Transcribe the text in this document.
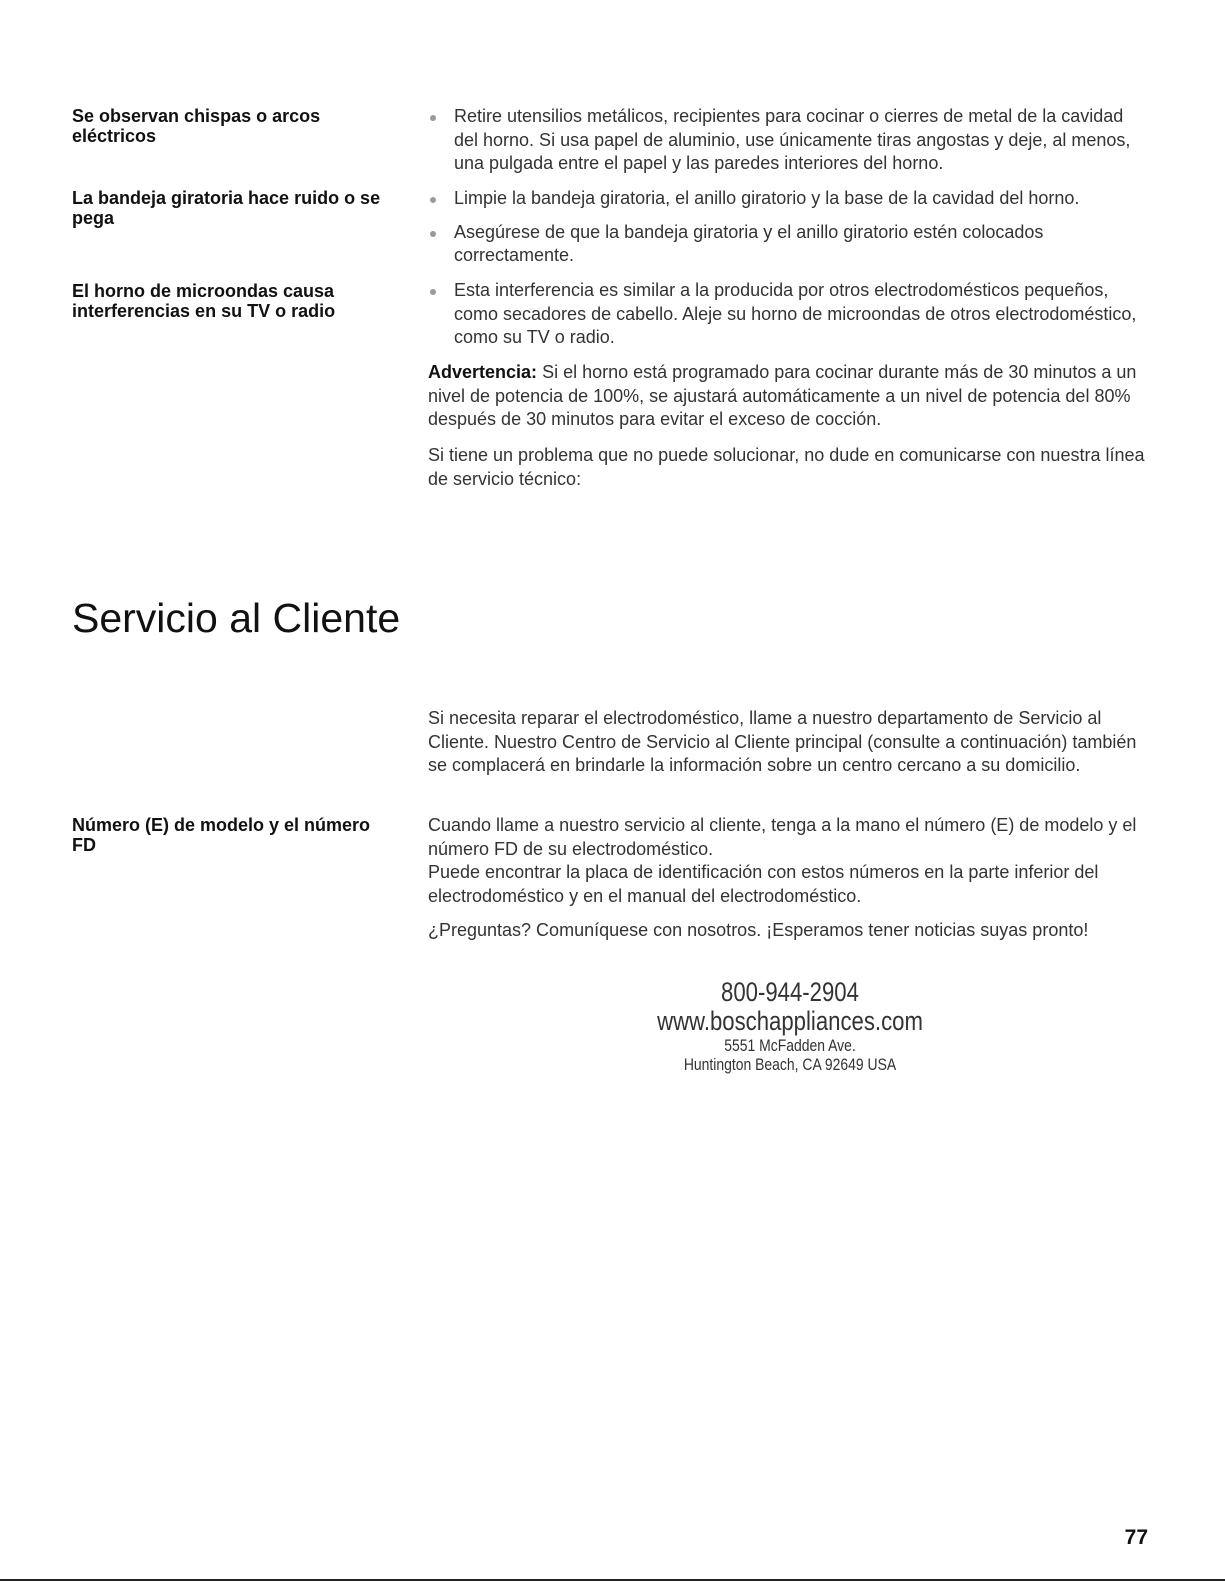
Se observan chispas o arcos eléctricos
Retire utensilios metálicos, recipientes para cocinar o cierres de metal de la cavidad del horno. Si usa papel de aluminio, use únicamente tiras angostas y deje, al menos, una pulgada entre el papel y las paredes interiores del horno.
La bandeja giratoria hace ruido o se pega
Limpie la bandeja giratoria, el anillo giratorio y la base de la cavidad del horno.
Asegúrese de que la bandeja giratoria y el anillo giratorio estén colocados correctamente.
El horno de microondas causa interferencias en su TV o radio
Esta interferencia es similar a la producida por otros electrodomésticos pequeños, como secadores de cabello. Aleje su horno de microondas de otros electrodoméstico, como su TV o radio.
Advertencia: Si el horno está programado para cocinar durante más de 30 minutos a un nivel de potencia de 100%, se ajustará automáticamente a un nivel de potencia del 80% después de 30 minutos para evitar el exceso de cocción.
Si tiene un problema que no puede solucionar, no dude en comunicarse con nuestra línea de servicio técnico:
Servicio al Cliente
Si necesita reparar el electrodoméstico, llame a nuestro departamento de Servicio al Cliente. Nuestro Centro de Servicio al Cliente principal (consulte a continuación) también se complacerá en brindarle la información sobre un centro cercano a su domicilio.
Número (E) de modelo y el número FD
Cuando llame a nuestro servicio al cliente, tenga a la mano el número (E) de modelo y el número FD de su electrodoméstico.
Puede encontrar la placa de identificación con estos números en la parte inferior del electrodoméstico y en el manual del electrodoméstico.
¿Preguntas? Comuníquese con nosotros. ¡Esperamos tener noticias suyas pronto!
800-944-2904
www.boschappliances.com
5551 McFadden Ave.
Huntington Beach, CA 92649 USA
77
